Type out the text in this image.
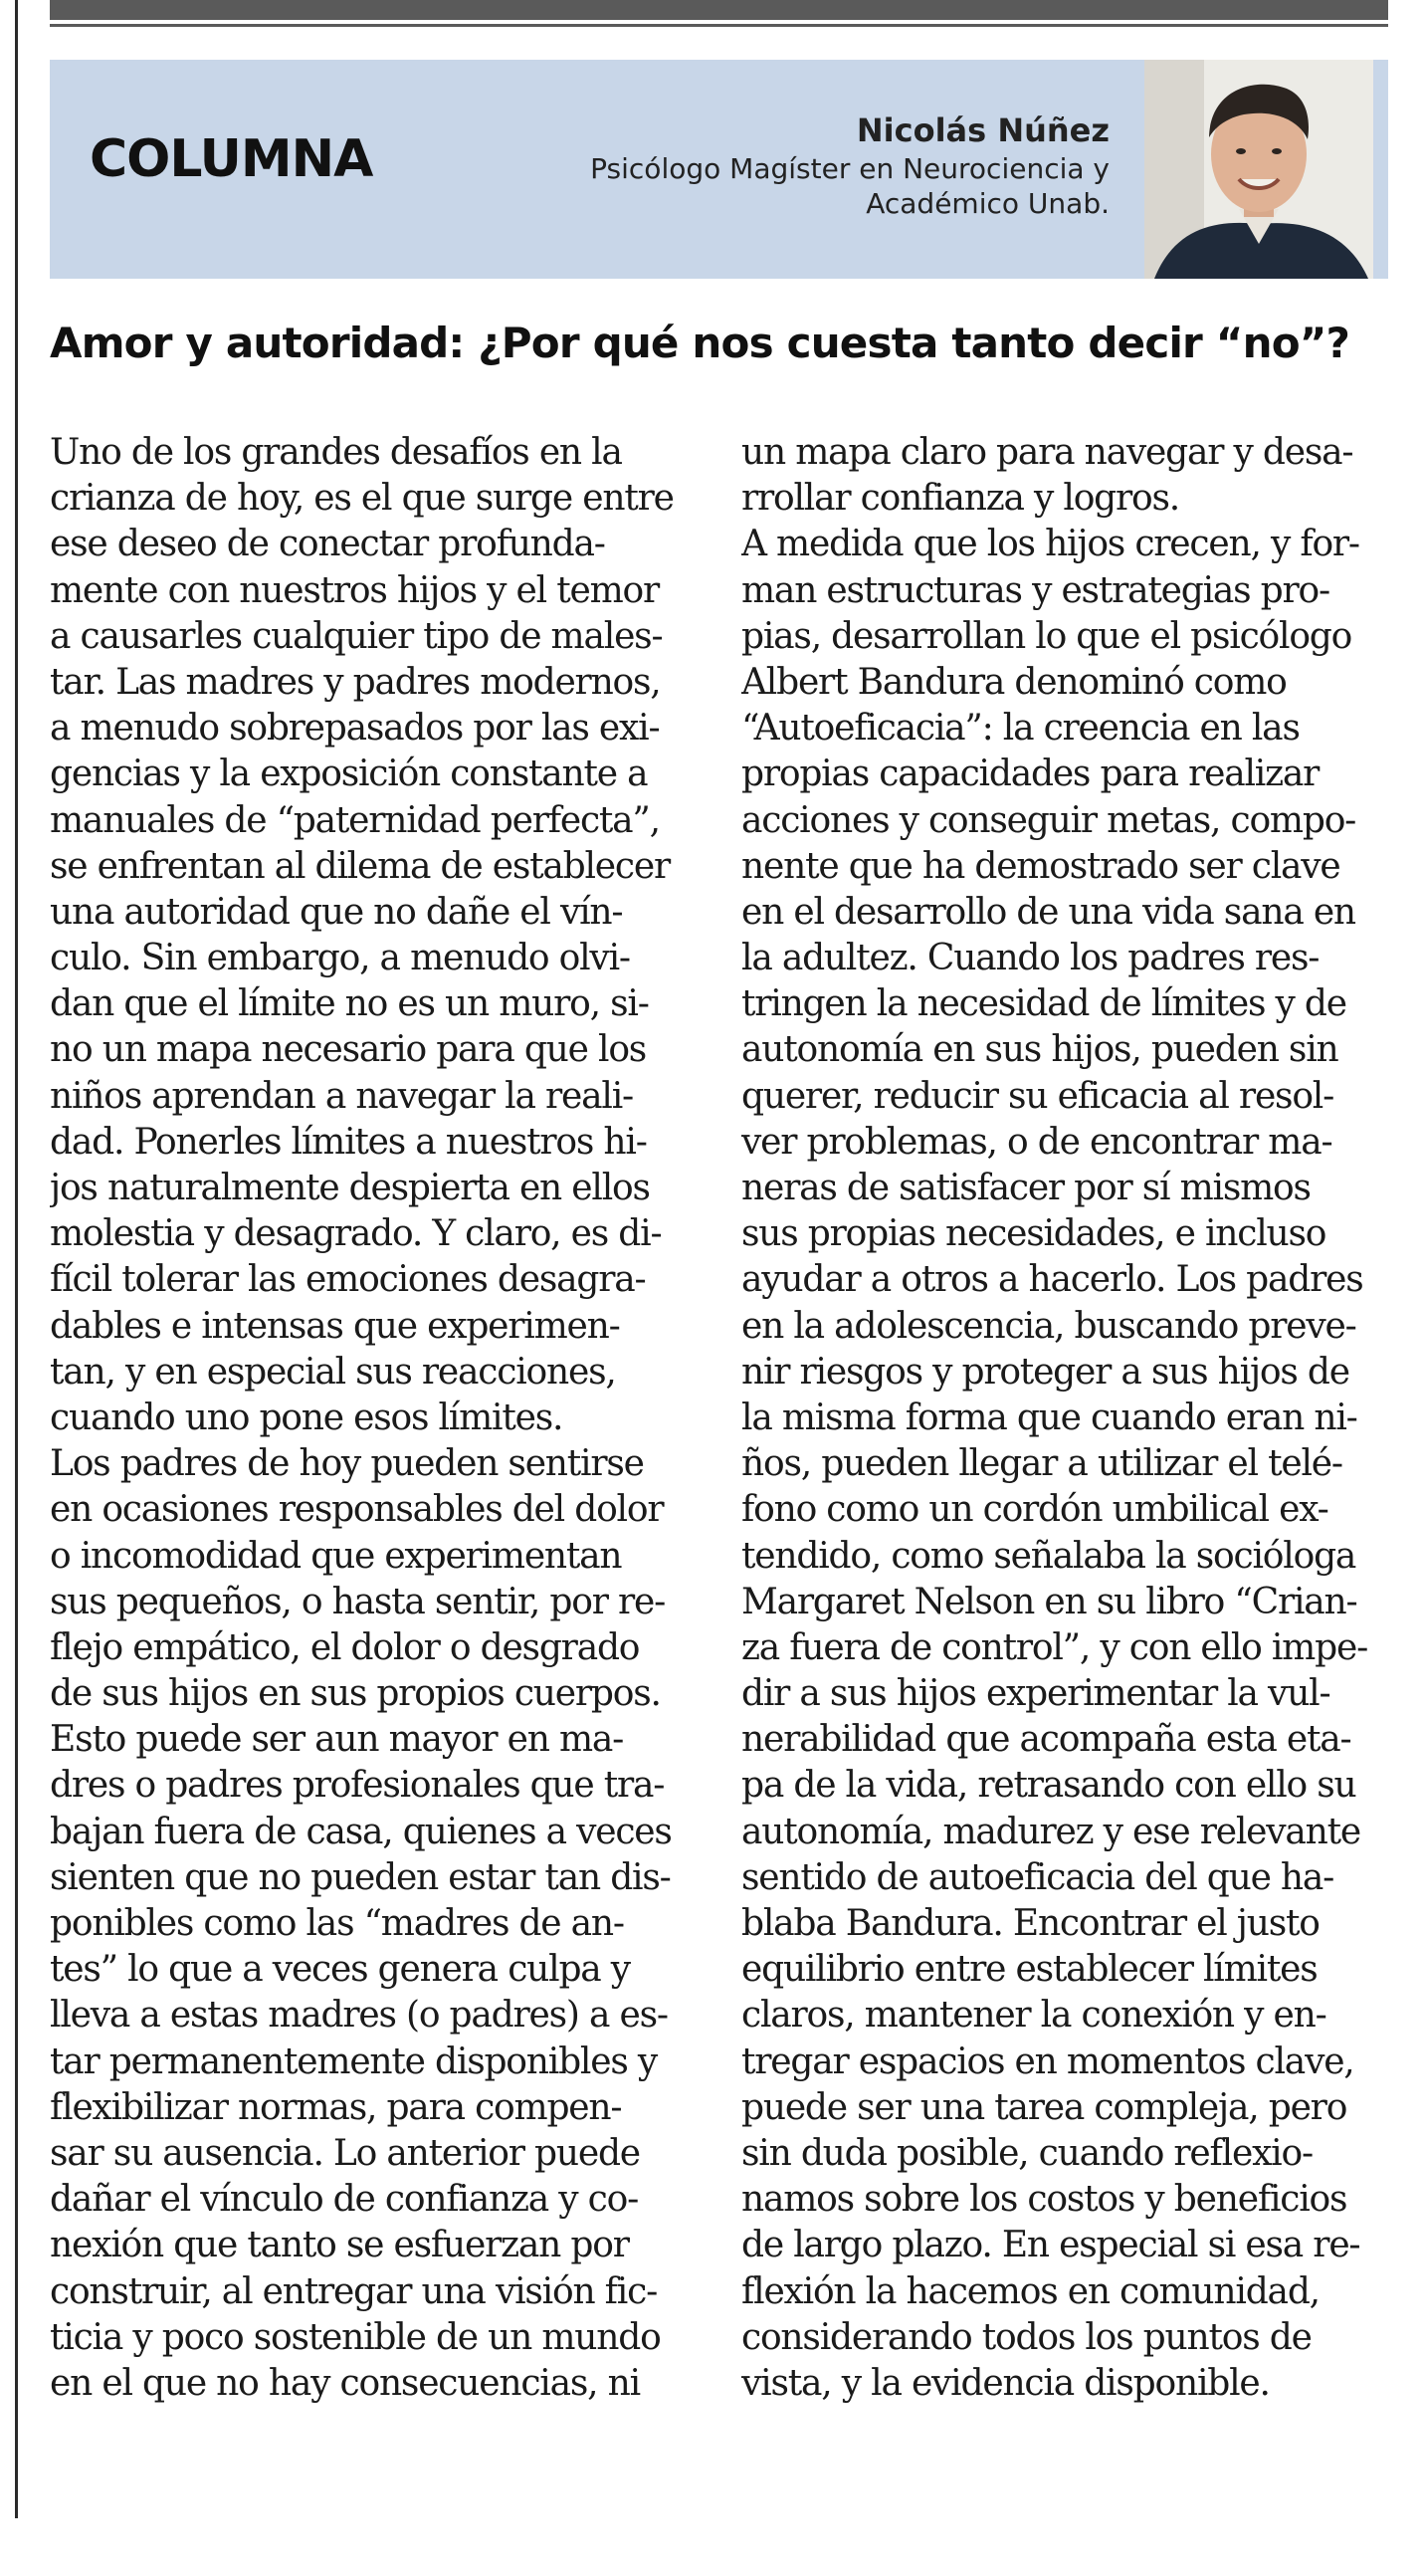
COLUMNA	Nicolás Núñez
Psicólogo Magíster en Neurociencia y
Académico Unab.
Amor y autoridad: ¿Por qué nos cuesta tanto decir “no”?
Uno de los grandes desafíos en la
crianza de hoy, es el que surge entre
ese deseo de conectar profunda-
mente con nuestros hijos y el temor
a causarles cualquier tipo de males-
tar. Las madres y padres modernos,
a menudo sobrepasados por las exi-
gencias y la exposición constante a
manuales de “paternidad perfecta”,
se enfrentan al dilema de establecer
una autoridad que no dañe el vín-
culo. Sin embargo, a menudo olvi-
dan que el límite no es un muro, si-
no un mapa necesario para que los
niños aprendan a navegar la reali-
dad. Ponerles límites a nuestros hi-
jos naturalmente despierta en ellos
molestia y desagrado. Y claro, es di-
fícil tolerar las emociones desagra-
dables e intensas que experimen-
tan, y en especial sus reacciones,
cuando uno pone esos límites.
Los padres de hoy pueden sentirse
en ocasiones responsables del dolor
o incomodidad que experimentan
sus pequeños, o hasta sentir, por re-
flejo empático, el dolor o desgrado
de sus hijos en sus propios cuerpos.
Esto puede ser aun mayor en ma-
dres o padres profesionales que tra-
bajan fuera de casa, quienes a veces
sienten que no pueden estar tan dis-
ponibles como las “madres de an-
tes” lo que a veces genera culpa y
lleva a estas madres (o padres) a es-
tar permanentemente disponibles y
flexibilizar normas, para compen-
sar su ausencia. Lo anterior puede
dañar el vínculo de confianza y co-
nexión que tanto se esfuerzan por
construir, al entregar una visión fic-
ticia y poco sostenible de un mundo
en el que no hay consecuencias, ni
un mapa claro para navegar y desa-
rrollar confianza y logros.
A medida que los hijos crecen, y for-
man estructuras y estrategias pro-
pias, desarrollan lo que el psicólogo
Albert Bandura denominó como
“Autoeficacia”: la creencia en las
propias capacidades para realizar
acciones y conseguir metas, compo-
nente que ha demostrado ser clave
en el desarrollo de una vida sana en
la adultez. Cuando los padres res-
tringen la necesidad de límites y de
autonomía en sus hijos, pueden sin
querer, reducir su eficacia al resol-
ver problemas, o de encontrar ma-
neras de satisfacer por sí mismos
sus propias necesidades, e incluso
ayudar a otros a hacerlo. Los padres
en la adolescencia, buscando preve-
nir riesgos y proteger a sus hijos de
la misma forma que cuando eran ni-
ños, pueden llegar a utilizar el telé-
fono como un cordón umbilical ex-
tendido, como señalaba la socióloga
Margaret Nelson en su libro “Crian-
za fuera de control”, y con ello impe-
dir a sus hijos experimentar la vul-
nerabilidad que acompaña esta eta-
pa de la vida, retrasando con ello su
autonomía, madurez y ese relevante
sentido de autoeficacia del que ha-
blaba Bandura. Encontrar el justo
equilibrio entre establecer límites
claros, mantener la conexión y en-
tregar espacios en momentos clave,
puede ser una tarea compleja, pero
sin duda posible, cuando reflexio-
namos sobre los costos y beneficios
de largo plazo. En especial si esa re-
flexión la hacemos en comunidad,
considerando todos los puntos de
vista, y la evidencia disponible.
